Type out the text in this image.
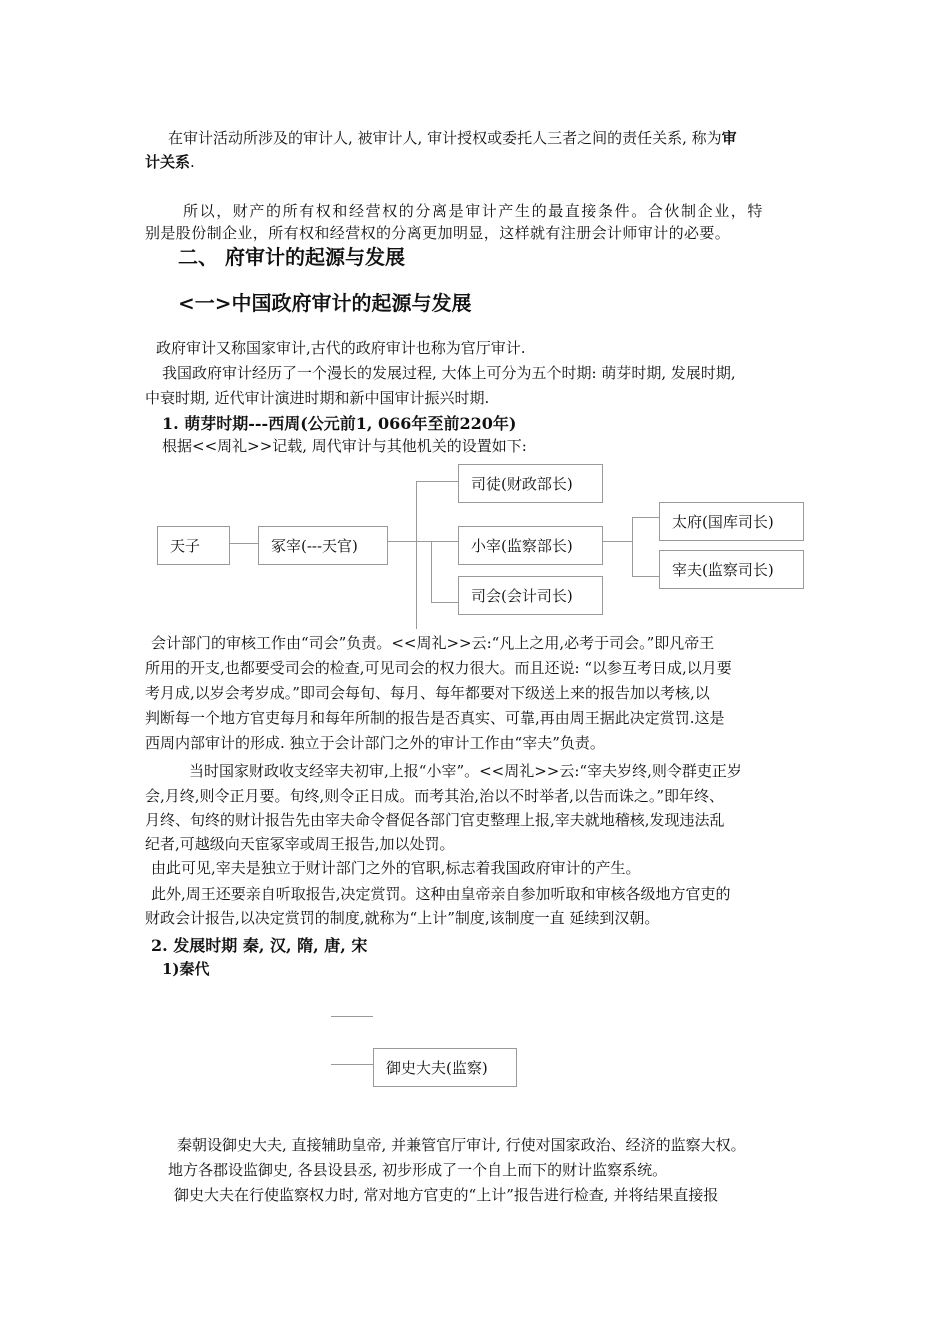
在审计活动所涉及的审计人, 被审计人, 审计授权或委托人三者之间的责任关系, 称为审
计关系.
所以，财产的所有权和经营权的分离是审计产生的最直接条件。合伙制企业，特
别是股份制企业，所有权和经营权的分离更加明显，这样就有注册会计师审计的必要。
二、 府审计的起源与发展
<一>中国政府审计的起源与发展
政府审计又称国家审计,古代的政府审计也称为官厅审计.
我国政府审计经历了一个漫长的发展过程, 大体上可分为五个时期: 萌芽时期, 发展时期,
中衰时期, 近代审计演进时期和新中国审计振兴时期.
1. 萌芽时期---西周(公元前1, 066年至前220年)
根据<<周礼>>记载, 周代审计与其他机关的设置如下:
天子	冢宰(---天官)
司徒(财政部长)
小宰(监察部长)
司会(会计司长)
太府(国库司长)
宰夫(监察司长)
会计部门的审核工作由“司会”负责。<<周礼>>云:“凡上之用,必考于司会。”即凡帝王
所用的开支,也都要受司会的检查,可见司会的权力很大。而且还说: “以参互考日成,以月要
考月成,以岁会考岁成。”即司会每旬、每月、每年都要对下级送上来的报告加以考核,以
判断每一个地方官吏每月和每年所制的报告是否真实、可靠,再由周王据此决定赏罚.这是
西周内部审计的形成. 独立于会计部门之外的审计工作由“宰夫”负责。
当时国家财政收支经宰夫初审,上报“小宰”。<<周礼>>云:“宰夫岁终,则令群吏正岁
会,月终,则令正月要。旬终,则令正日成。而考其治,治以不时举者,以告而诛之。”即年终、
月终、旬终的财计报告先由宰夫命令督促各部门官吏整理上报,宰夫就地稽核,发现违法乱
纪者,可越级向天宦冢宰或周王报告,加以处罚。
由此可见,宰夫是独立于财计部门之外的官职,标志着我国政府审计的产生。
此外,周王还要亲自听取报告,决定赏罚。这种由皇帝亲自参加听取和审核各级地方官吏的
财政会计报告,以决定赏罚的制度,就称为“上计”制度,该制度一直 延续到汉朝。
2. 发展时期 秦, 汉, 隋, 唐, 宋
1)秦代
御史大夫(监察)
秦朝设御史大夫, 直接辅助皇帝, 并兼管官厅审计, 行使对国家政治、经济的监察大权。
地方各郡设监御史, 各县设县丞, 初步形成了一个自上而下的财计监察系统。
御史大夫在行使监察权力时, 常对地方官吏的“上计”报告进行检查, 并将结果直接报
